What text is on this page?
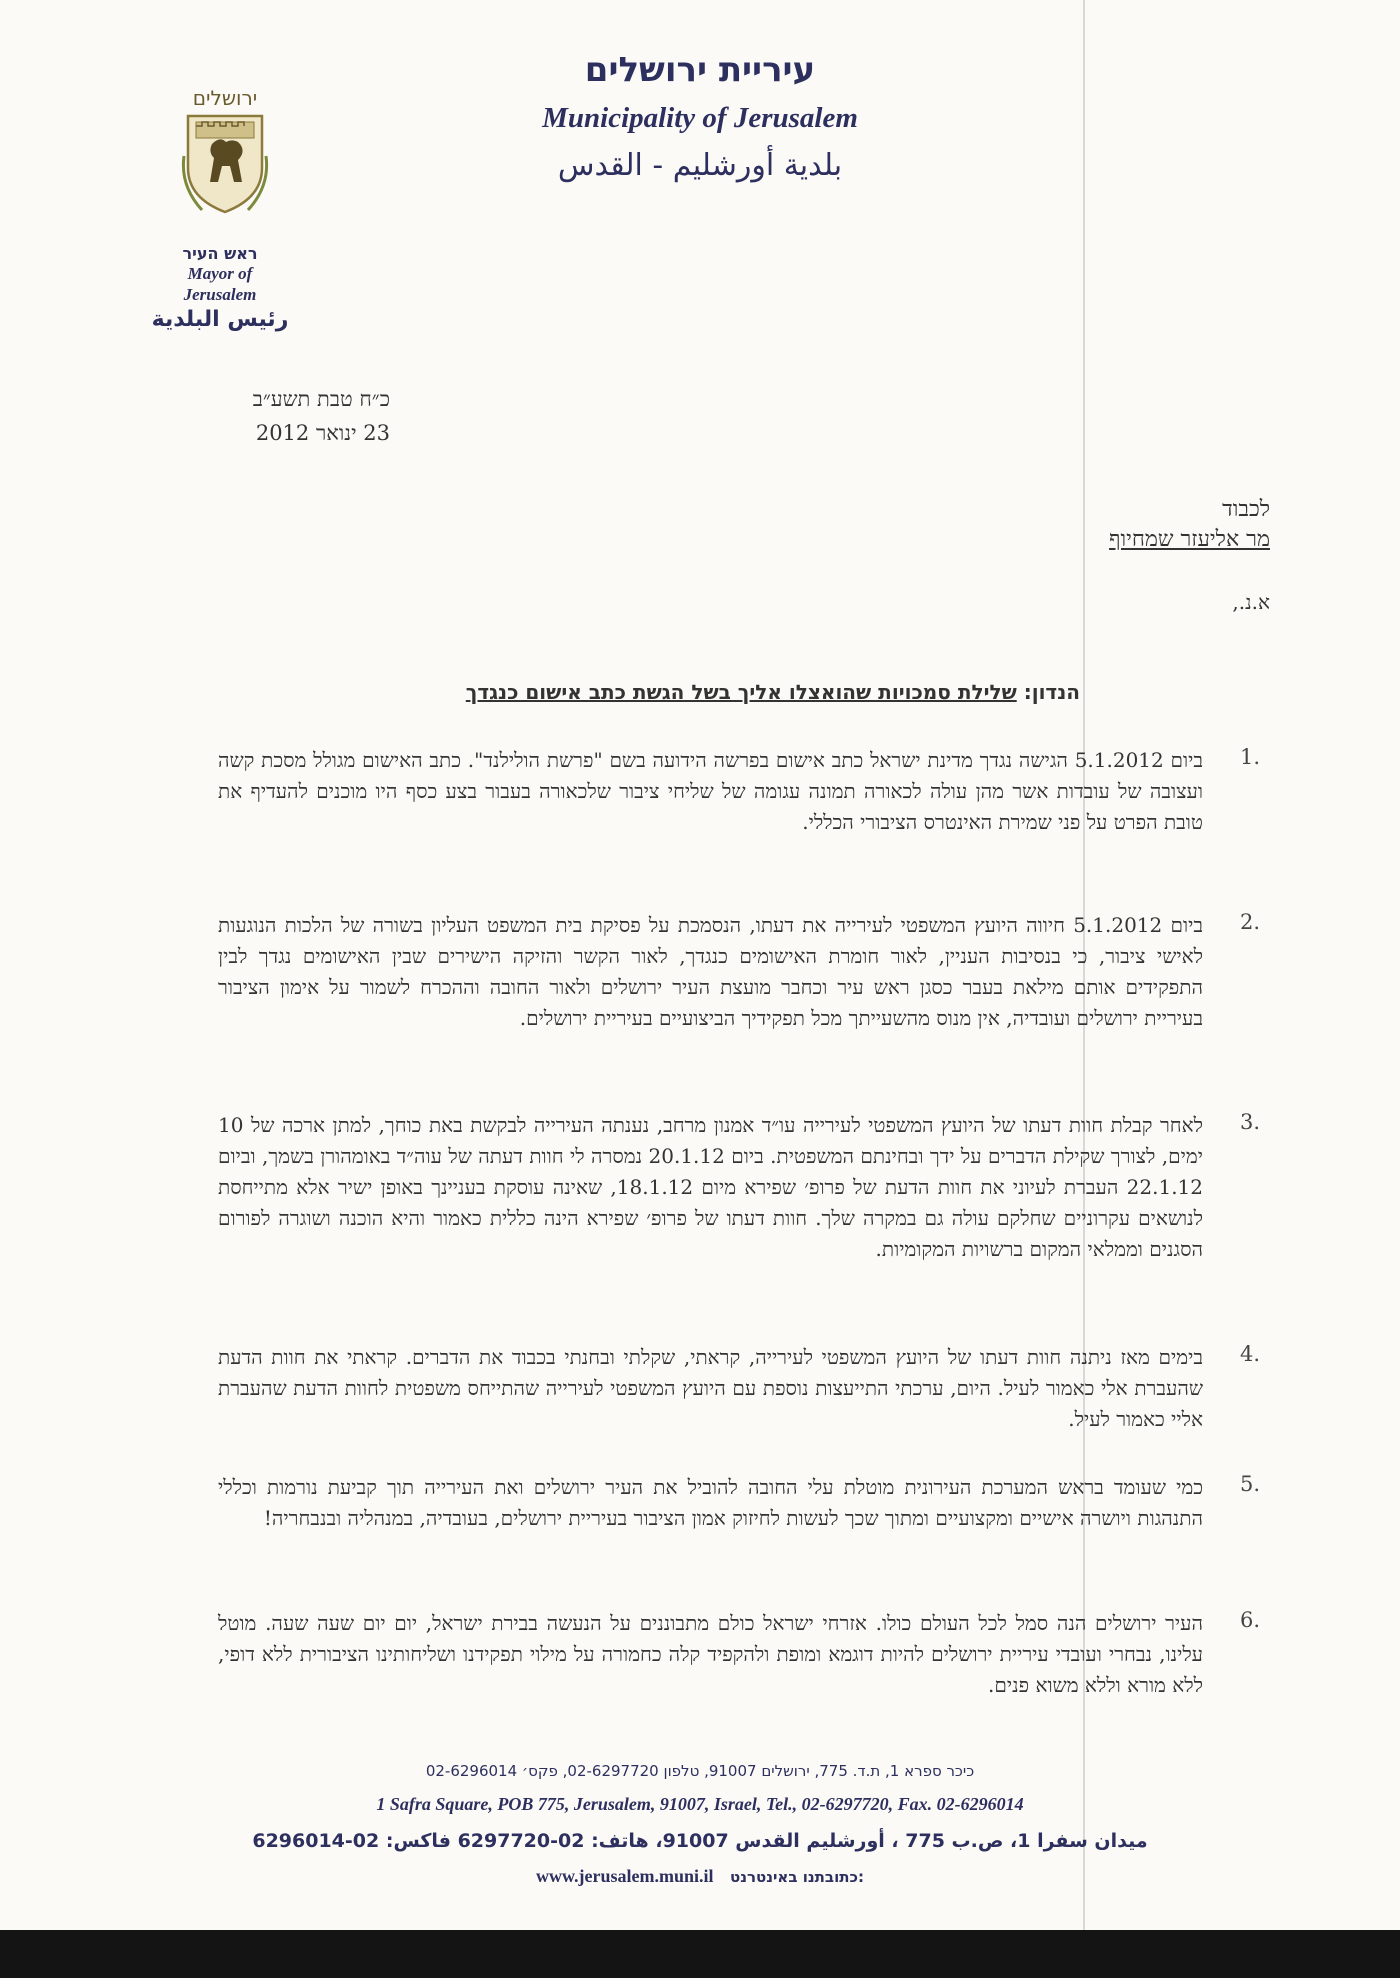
עיריית ירושלים
Municipality of Jerusalem
بلدية أورشليم - القدس
ירושלים
ראש העיר
Mayor of
Jerusalem
رئيس البلدية
כ״ח טבת תשע״ב
23 ינואר 2012
לכבוד
מר אליעזר שמחיוף
א.נ.,
הנדון: שלילת סמכויות שהואצלו אליך בשל הגשת כתב אישום כנגדך
1.

ביום 5.1.2012 הגישה נגדך מדינת ישראל כתב אישום בפרשה הידועה בשם "פרשת הולילנד". כתב האישום מגולל מסכת קשה ועצובה של עובדות אשר מהן עולה לכאורה תמונה עגומה של שליחי ציבור שלכאורה בעבור בצע כסף היו מוכנים להעדיף את טובת הפרט על פני שמירת האינטרס הציבורי הכללי.

2.

ביום 5.1.2012 חיווה היועץ המשפטי לעירייה את דעתו, הנסמכת על פסיקת בית המשפט העליון בשורה של הלכות הנוגעות לאישי ציבור, כי בנסיבות העניין, לאור חומרת האישומים כנגדך, לאור הקשר והזיקה הישירים שבין האישומים נגדך לבין התפקידים אותם מילאת בעבר כסגן ראש עיר וכחבר מועצת העיר ירושלים ולאור החובה וההכרח לשמור על אימון הציבור בעיריית ירושלים ועובדיה, אין מנוס מהשעייתך מכל תפקידיך הביצועיים בעיריית ירושלים.

3.

לאחר קבלת חוות דעתו של היועץ המשפטי לעירייה עו״ד אמנון מרחב, נענתה העירייה לבקשת באת כוחך, למתן ארכה של 10 ימים, לצורך שקילת הדברים על ידך ובחינתם המשפטית. ביום 20.1.12 נמסרה לי חוות דעתה של עוה״ד באומהורן בשמך, וביום 22.1.12 העברת לעיוני את חוות הדעת של פרופ׳ שפירא מיום 18.1.12, שאינה עוסקת בעניינך באופן ישיר אלא מתייחסת לנושאים עקרוניים שחלקם עולה גם במקרה שלך. חוות דעתו של פרופ׳ שפירא הינה כללית כאמור והיא הוכנה ושוגרה לפורום הסגנים וממלאי המקום ברשויות המקומיות.

4.

בימים מאז ניתנה חוות דעתו של היועץ המשפטי לעירייה, קראתי, שקלתי ובחנתי בכבוד את הדברים. קראתי את חוות הדעת שהעברת אלי כאמור לעיל. היום, ערכתי התייעצות נוספת עם היועץ המשפטי לעירייה שהתייחס משפטית לחוות הדעת שהעברת אליי כאמור לעיל.

5.

כמי שעומד בראש המערכת העירונית מוטלת עלי החובה להוביל את העיר ירושלים ואת העירייה תוך קביעת נורמות וכללי התנהגות ויושרה אישיים ומקצועיים ומתוך שכך לעשות לחיזוק אמון הציבור בעיריית ירושלים, בעובדיה, במנהליה ובנבחריה!

6.

העיר ירושלים הנה סמל לכל העולם כולו. אזרחי ישראל כולם מתבוננים על הנעשה בבירת ישראל, יום יום שעה שעה. מוטל עלינו, נבחרי ועובדי עיריית ירושלים להיות דוגמא ומופת ולהקפיד קלה כחמורה על מילוי תפקידנו ושליחותינו הציבורית ללא דופי, ללא מורא וללא משוא פנים.

כיכר ספרא 1, ת.ד. 775, ירושלים 91007, טלפון 02-6297720, פקס׳ 02-6296014
1 Safra Square, POB 775, Jerusalem, 91007, Israel, Tel., 02-6297720, Fax. 02-6296014
ميدان سفرا 1، ص.ب 775 ، أورشليم القدس 91007، هاتف: 02-6297720 فاكس: 02-6296014
www.jerusalem.muni.il כתובתנו באינטרנט:
